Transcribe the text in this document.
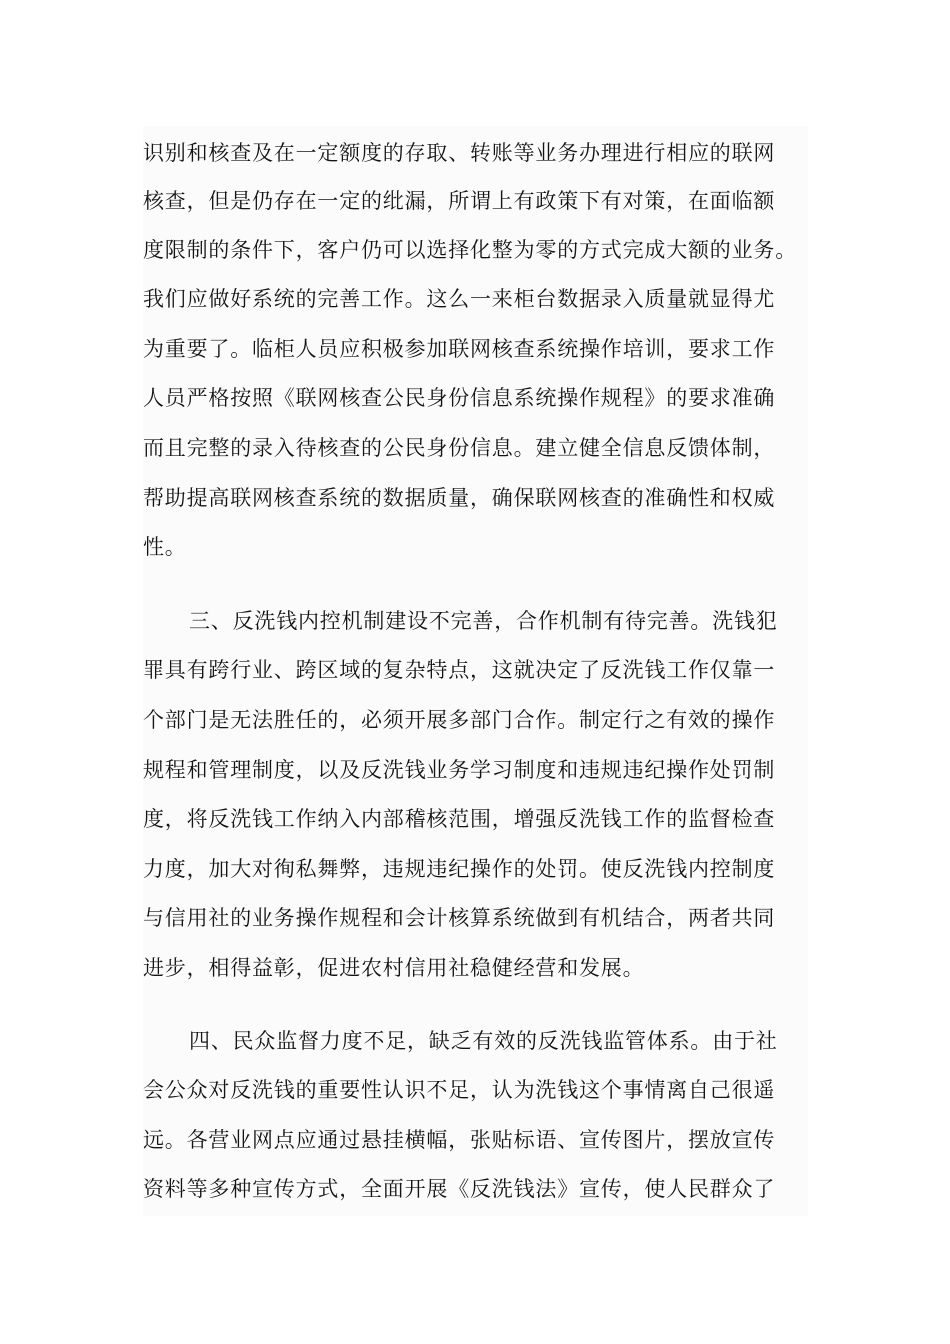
识别和核查及在一定额度的存取、转账等业务办理进行相应的联网
核查，但是仍存在一定的纰漏，所谓上有政策下有对策，在面临额
度限制的条件下，客户仍可以选择化整为零的方式完成大额的业务。
我们应做好系统的完善工作。这么一来柜台数据录入质量就显得尤
为重要了。临柜人员应积极参加联网核查系统操作培训，要求工作
人员严格按照《联网核查公民身份信息系统操作规程》的要求准确
而且完整的录入待核查的公民身份信息。建立健全信息反馈体制，
帮助提高联网核查系统的数据质量，确保联网核查的准确性和权威
性。
三、反洗钱内控机制建设不完善，合作机制有待完善。洗钱犯
罪具有跨行业、跨区域的复杂特点，这就决定了反洗钱工作仅靠一
个部门是无法胜任的，必须开展多部门合作。制定行之有效的操作
规程和管理制度，以及反洗钱业务学习制度和违规违纪操作处罚制
度，将反洗钱工作纳入内部稽核范围，增强反洗钱工作的监督检查
力度，加大对徇私舞弊，违规违纪操作的处罚。使反洗钱内控制度
与信用社的业务操作规程和会计核算系统做到有机结合，两者共同
进步，相得益彰，促进农村信用社稳健经营和发展。
四、民众监督力度不足，缺乏有效的反洗钱监管体系。由于社
会公众对反洗钱的重要性认识不足，认为洗钱这个事情离自己很遥
远。各营业网点应通过悬挂横幅，张贴标语、宣传图片，摆放宣传
资料等多种宣传方式，全面开展《反洗钱法》宣传，使人民群众了
